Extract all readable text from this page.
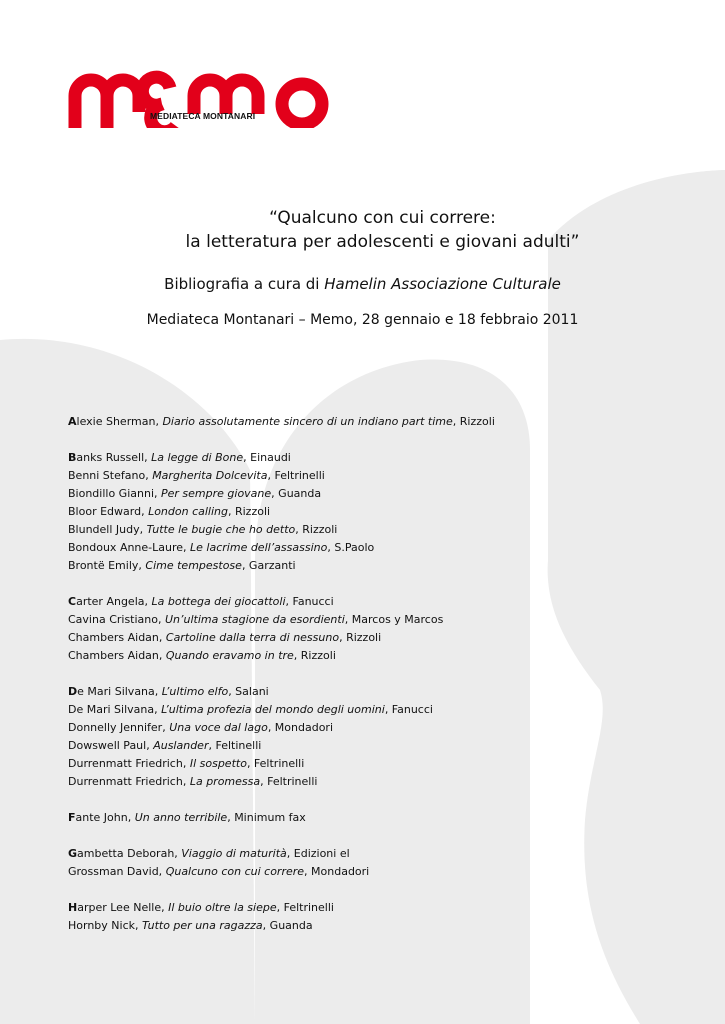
MEDIATECA MONTANARI
“Qualcuno con cui correre:
la letteratura per adolescenti e giovani adulti”
Bibliografia a cura di Hamelin Associazione Culturale
Mediateca Montanari – Memo, 28 gennaio e 18 febbraio 2011
Alexie Sherman, Diario assolutamente sincero di un indiano part time, Rizzoli
Banks Russell, La legge di Bone, Einaudi
Benni Stefano, Margherita Dolcevita, Feltrinelli
Biondillo Gianni, Per sempre giovane, Guanda
Bloor Edward, London calling, Rizzoli
Blundell Judy, Tutte le bugie che ho detto, Rizzoli
Bondoux Anne-Laure, Le lacrime dell’assassino, S.Paolo
Brontë Emily, Cime tempestose, Garzanti
Carter Angela, La bottega dei giocattoli, Fanucci
Cavina Cristiano, Un’ultima stagione da esordienti, Marcos y Marcos
Chambers Aidan, Cartoline dalla terra di nessuno, Rizzoli
Chambers Aidan, Quando eravamo in tre, Rizzoli
De Mari Silvana, L’ultimo elfo, Salani
De Mari Silvana, L’ultima profezia del mondo degli uomini, Fanucci
Donnelly Jennifer, Una voce dal lago, Mondadori
Dowswell Paul, Auslander, Feltinelli
Durrenmatt Friedrich, Il sospetto, Feltrinelli
Durrenmatt Friedrich, La promessa, Feltrinelli
Fante John, Un anno terribile, Minimum fax
Gambetta Deborah, Viaggio di maturità, Edizioni el
Grossman David, Qualcuno con cui correre, Mondadori
Harper Lee Nelle, Il buio oltre la siepe, Feltrinelli
Hornby Nick, Tutto per una ragazza, Guanda
